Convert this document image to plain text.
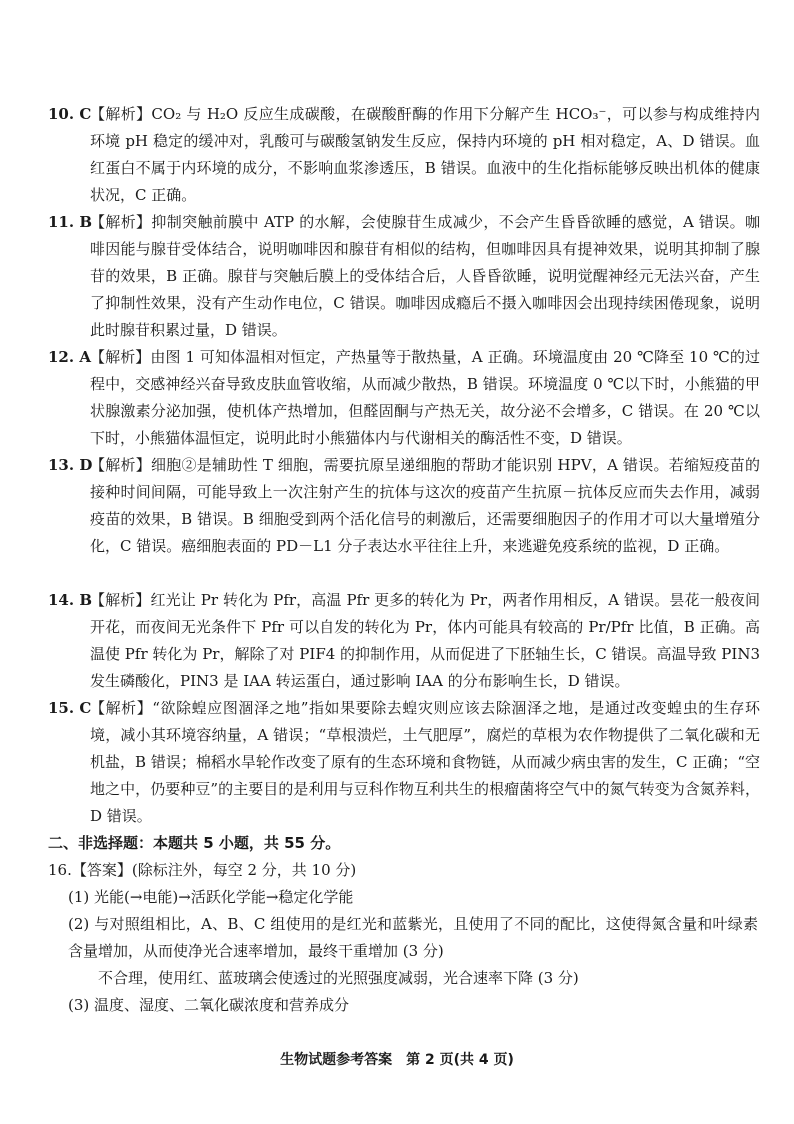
10. C
【解析】CO₂ 与 H₂O 反应生成碳酸，在碳酸酐酶的作用下分解产生 HCO₃⁻，可以参与构成维持内环境 pH 稳定的缓冲对，乳酸可与碳酸氢钠发生反应，保持内环境的 pH 相对稳定，A、D 错误。血红蛋白不属于内环境的成分，不影响血浆渗透压，B 错误。血液中的生化指标能够反映出机体的健康状况，C 正确。
11. B
【解析】抑制突触前膜中 ATP 的水解，会使腺苷生成减少，不会产生昏昏欲睡的感觉，A 错误。咖啡因能与腺苷受体结合，说明咖啡因和腺苷有相似的结构，但咖啡因具有提神效果，说明其抑制了腺苷的效果，B 正确。腺苷与突触后膜上的受体结合后，人昏昏欲睡，说明觉醒神经元无法兴奋，产生了抑制性效果，没有产生动作电位，C 错误。咖啡因成瘾后不摄入咖啡因会出现持续困倦现象，说明此时腺苷积累过量，D 错误。
12. A 【解析】由图 1 可知体温相对恒定，产热量等于散热量，A 正确。环境温度由 20 ℃降至 10 ℃的过程中，交感神经兴奋导致皮肤血管收缩，从而减少散热，B 错误。环境温度 0 ℃以下时，小熊猫的甲状腺激素分泌加强，使机体产热增加，但醛固酮与产热无关，故分泌不会增多，C 错误。在 20 ℃以下时，小熊猫体温恒定，说明此时小熊猫体内与代谢相关的酶活性不变，D 错误。
13. D
【解析】细胞②是辅助性 T 细胞，需要抗原呈递细胞的帮助才能识别 HPV，A 错误。若缩短疫苗的接种时间间隔，可能导致上一次注射产生的抗体与这次的疫苗产生抗原－抗体反应而失去作用，减弱疫苗的效果，B 错误。B 细胞受到两个活化信号的刺激后，还需要细胞因子的作用才可以大量增殖分化，C 错误。癌细胞表面的 PD－L1 分子表达水平往往上升，来逃避免疫系统的监视，D 正确。
14. B
【解析】红光让 Pr 转化为 Pfr，高温 Pfr 更多的转化为 Pr，两者作用相反，A 错误。昙花一般夜间开花，而夜间无光条件下 Pfr 可以自发的转化为 Pr，体内可能具有较高的 Pr/Pfr 比值，B 正确。高温使 Pfr 转化为 Pr，解除了对 PIF4 的抑制作用，从而促进了下胚轴生长，C 错误。高温导致 PIN3 发生磷酸化，PIN3 是 IAA 转运蛋白，通过影响 IAA 的分布影响生长，D 错误。
15. C
【解析】“欲除蝗应图涸泽之地”指如果要除去蝗灾则应该去除涸泽之地，是通过改变蝗虫的生存环境，减小其环境容纳量，A 错误；“草根溃烂，土气肥厚”，腐烂的草根为农作物提供了二氧化碳和无机盐，B 错误；棉稻水旱轮作改变了原有的生态环境和食物链，从而减少病虫害的发生，C 正确；“空地之中，仍要种豆”的主要目的是利用与豆科作物互利共生的根瘤菌将空气中的氮气转变为含氮养料，D 错误。
二、非选择题：本题共 5 小题，共 55 分。
16.【答案】(除标注外，每空 2 分，共 10 分)
(1) 光能(→电能)→活跃化学能→稳定化学能
(2) 与对照组相比，A、B、C 组使用的是红光和蓝紫光，且使用了不同的配比，这使得氮含量和叶绿素含量增加，从而使净光合速率增加，最终干重增加 (3 分)
不合理，使用红、蓝玻璃会使透过的光照强度减弱，光合速率下降 (3 分)
(3) 温度、湿度、二氧化碳浓度和营养成分
生物试题参考答案　第 2 页(共 4 页)
